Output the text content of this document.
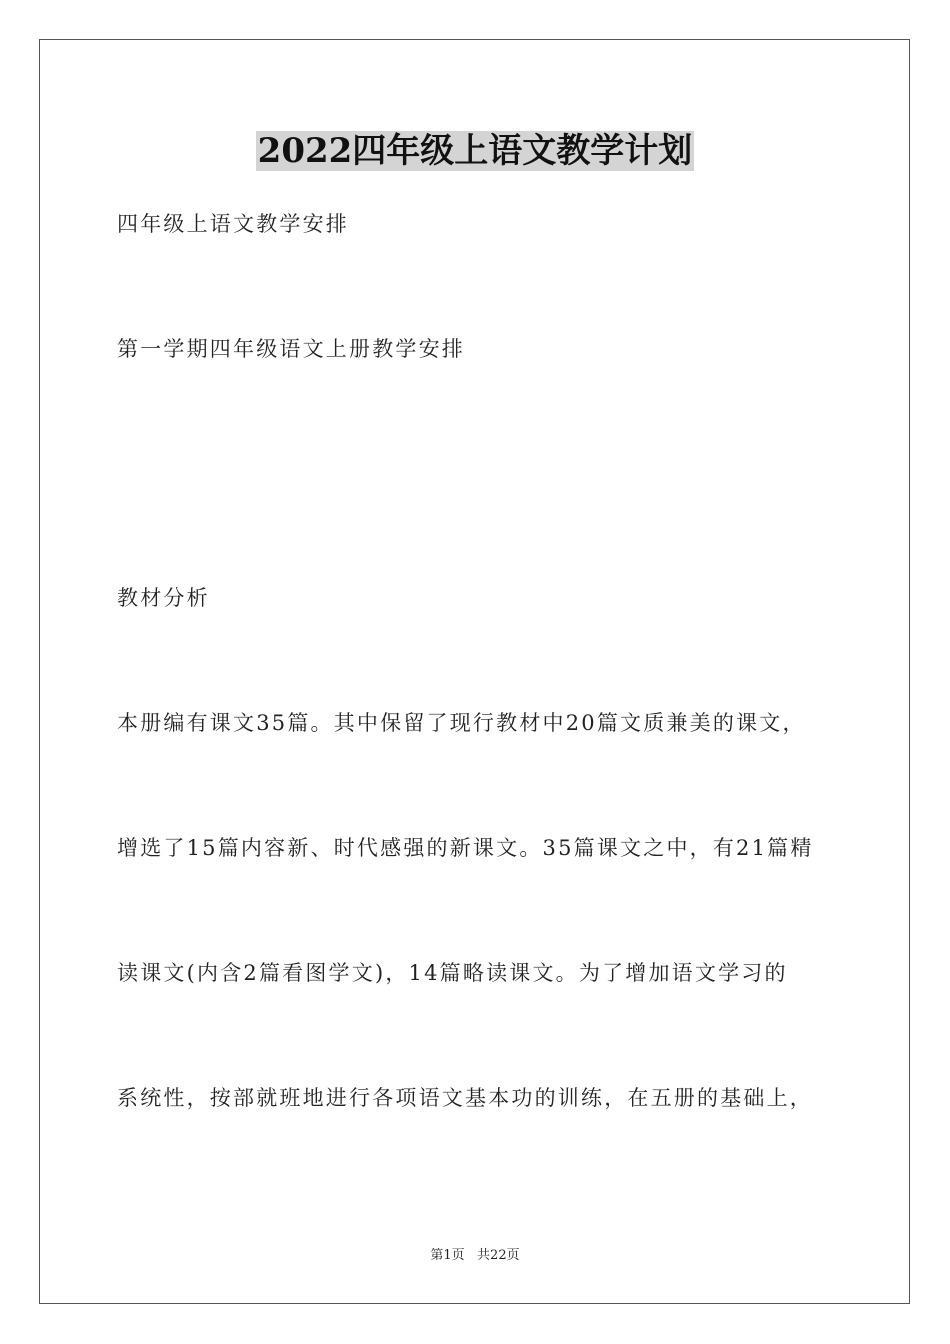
2022四年级上语文教学计划
四年级上语文教学安排
第一学期四年级语文上册教学安排
教材分析
本册编有课文35篇。其中保留了现行教材中20篇文质兼美的课文，
增选了15篇内容新、时代感强的新课文。35篇课文之中，有21篇精
读课文(内含2篇看图学文)，14篇略读课文。为了增加语文学习的
系统性，按部就班地进行各项语文基本功的训练，在五册的基础上，
第1页   共22页
